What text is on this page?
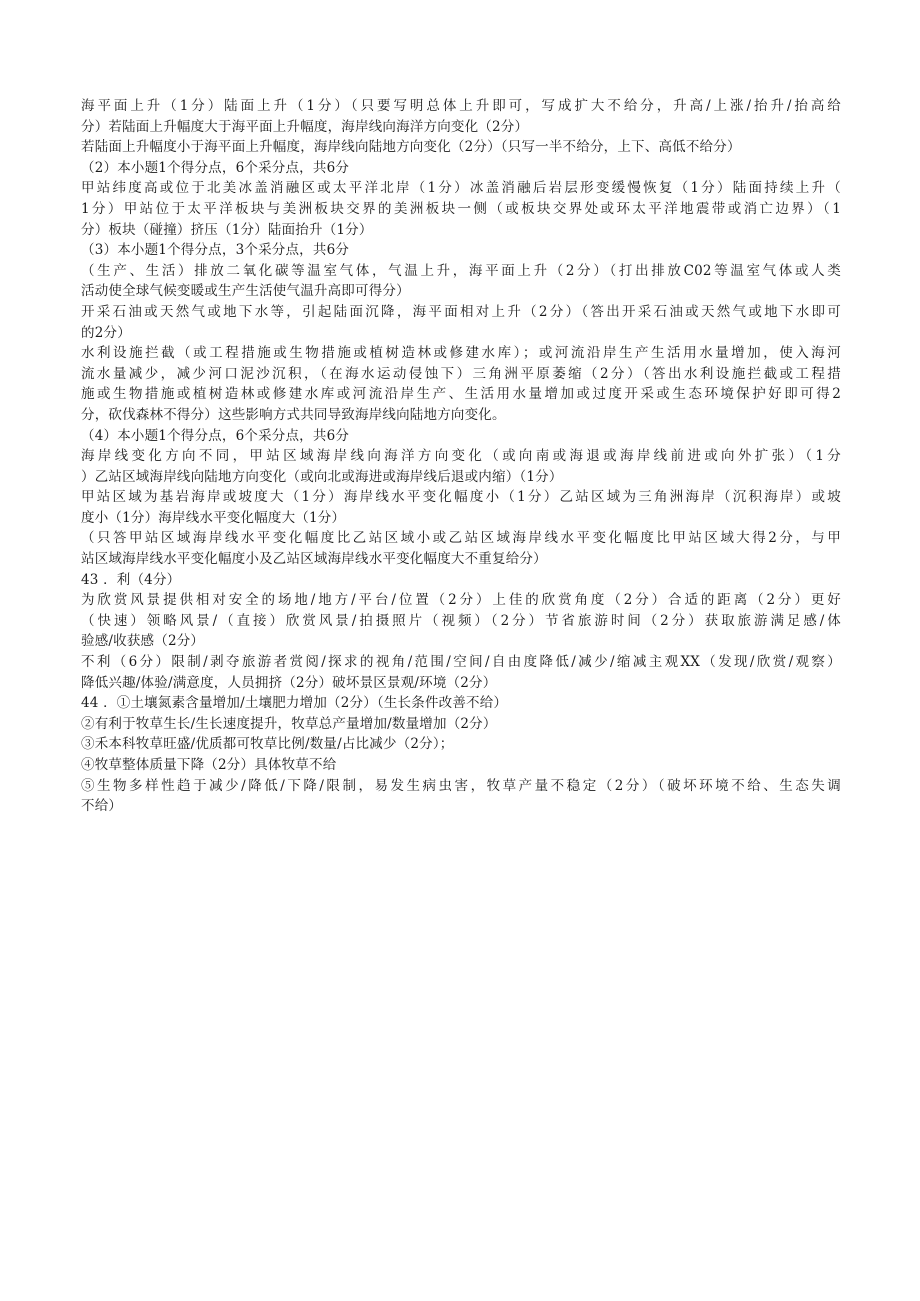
海平面上升（1分）陆面上升（1分）（只要写明总体上升即可，写成扩大不给分，升高/上涨/抬升/抬高给
分）若陆面上升幅度大于海平面上升幅度，海岸线向海洋方向变化（2分）
若陆面上升幅度小于海平面上升幅度，海岸线向陆地方向变化（2分）（只写一半不给分，上下、高低不给分）
（2）本小题1个得分点，6个采分点，共6分
甲站纬度高或位于北美冰盖消融区或太平洋北岸（1分）冰盖消融后岩层形变缓慢恢复（1分）陆面持续上升（
1分）甲站位于太平洋板块与美洲板块交界的美洲板块一侧（或板块交界处或环太平洋地震带或消亡边界）（1
分）板块（碰撞）挤压（1分）陆面抬升（1分）
（3）本小题1个得分点，3个采分点，共6分
（生产、生活）排放二氧化碳等温室气体，气温上升，海平面上升（2分）（打出排放C02等温室气体或人类
活动使全球气候变暖或生产生活使气温升高即可得分）
开采石油或天然气或地下水等，引起陆面沉降，海平面相对上升（2分）（答出开采石油或天然气或地下水即可
的2分）
水利设施拦截（或工程措施或生物措施或植树造林或修建水库）；或河流沿岸生产生活用水量增加，使入海河
流水量减少，减少河口泥沙沉积，（在海水运动侵蚀下）三角洲平原萎缩（2分）（答出水利设施拦截或工程措
施或生物措施或植树造林或修建水库或河流沿岸生产、生活用水量增加或过度开采或生态环境保护好即可得2
分，砍伐森林不得分）这些影响方式共同导致海岸线向陆地方向变化。
（4）本小题1个得分点，6个采分点，共6分
海岸线变化方向不同，甲站区域海岸线向海洋方向变化（或向南或海退或海岸线前进或向外扩张）（1分
）乙站区域海岸线向陆地方向变化（或向北或海进或海岸线后退或内缩）（1分）
甲站区域为基岩海岸或坡度大（1分）海岸线水平变化幅度小（1分）乙站区域为三角洲海岸（沉积海岸）或坡
度小（1分）海岸线水平变化幅度大（1分）
（只答甲站区域海岸线水平变化幅度比乙站区域小或乙站区域海岸线水平变化幅度比甲站区域大得2分，与甲
站区域海岸线水平变化幅度小及乙站区域海岸线水平变化幅度大不重复给分）
43 ．利（4分）
为欣赏风景提供相对安全的场地/地方/平台/位置（2分）上佳的欣赏角度（2分）合适的距离（2分）更好
（快速）领略风景/（直接）欣赏风景/拍摄照片（视频）（2分）节省旅游时间（2分）获取旅游满足感/体
验感/收获感（2分）
不利（6分）限制/剥夺旅游者赏阅/探求的视角/范围/空间/自由度降低/减少/缩减主观XX（发现/欣赏/观察）
降低兴趣/体验/满意度，人员拥挤（2分）破坏景区景观/环境（2分）
44 ．①土壤氮素含量增加/土壤肥力增加（2分）（生长条件改善不给）
②有利于牧草生长/生长速度提升，牧草总产量增加/数量增加（2分）
③禾本科牧草旺盛/优质都可牧草比例/数量/占比减少（2分）；
④牧草整体质量下降（2分）具体牧草不给
⑤生物多样性趋于减少/降低/下降/限制，易发生病虫害，牧草产量不稳定（2分）（破坏环境不给、生态失调
不给）
